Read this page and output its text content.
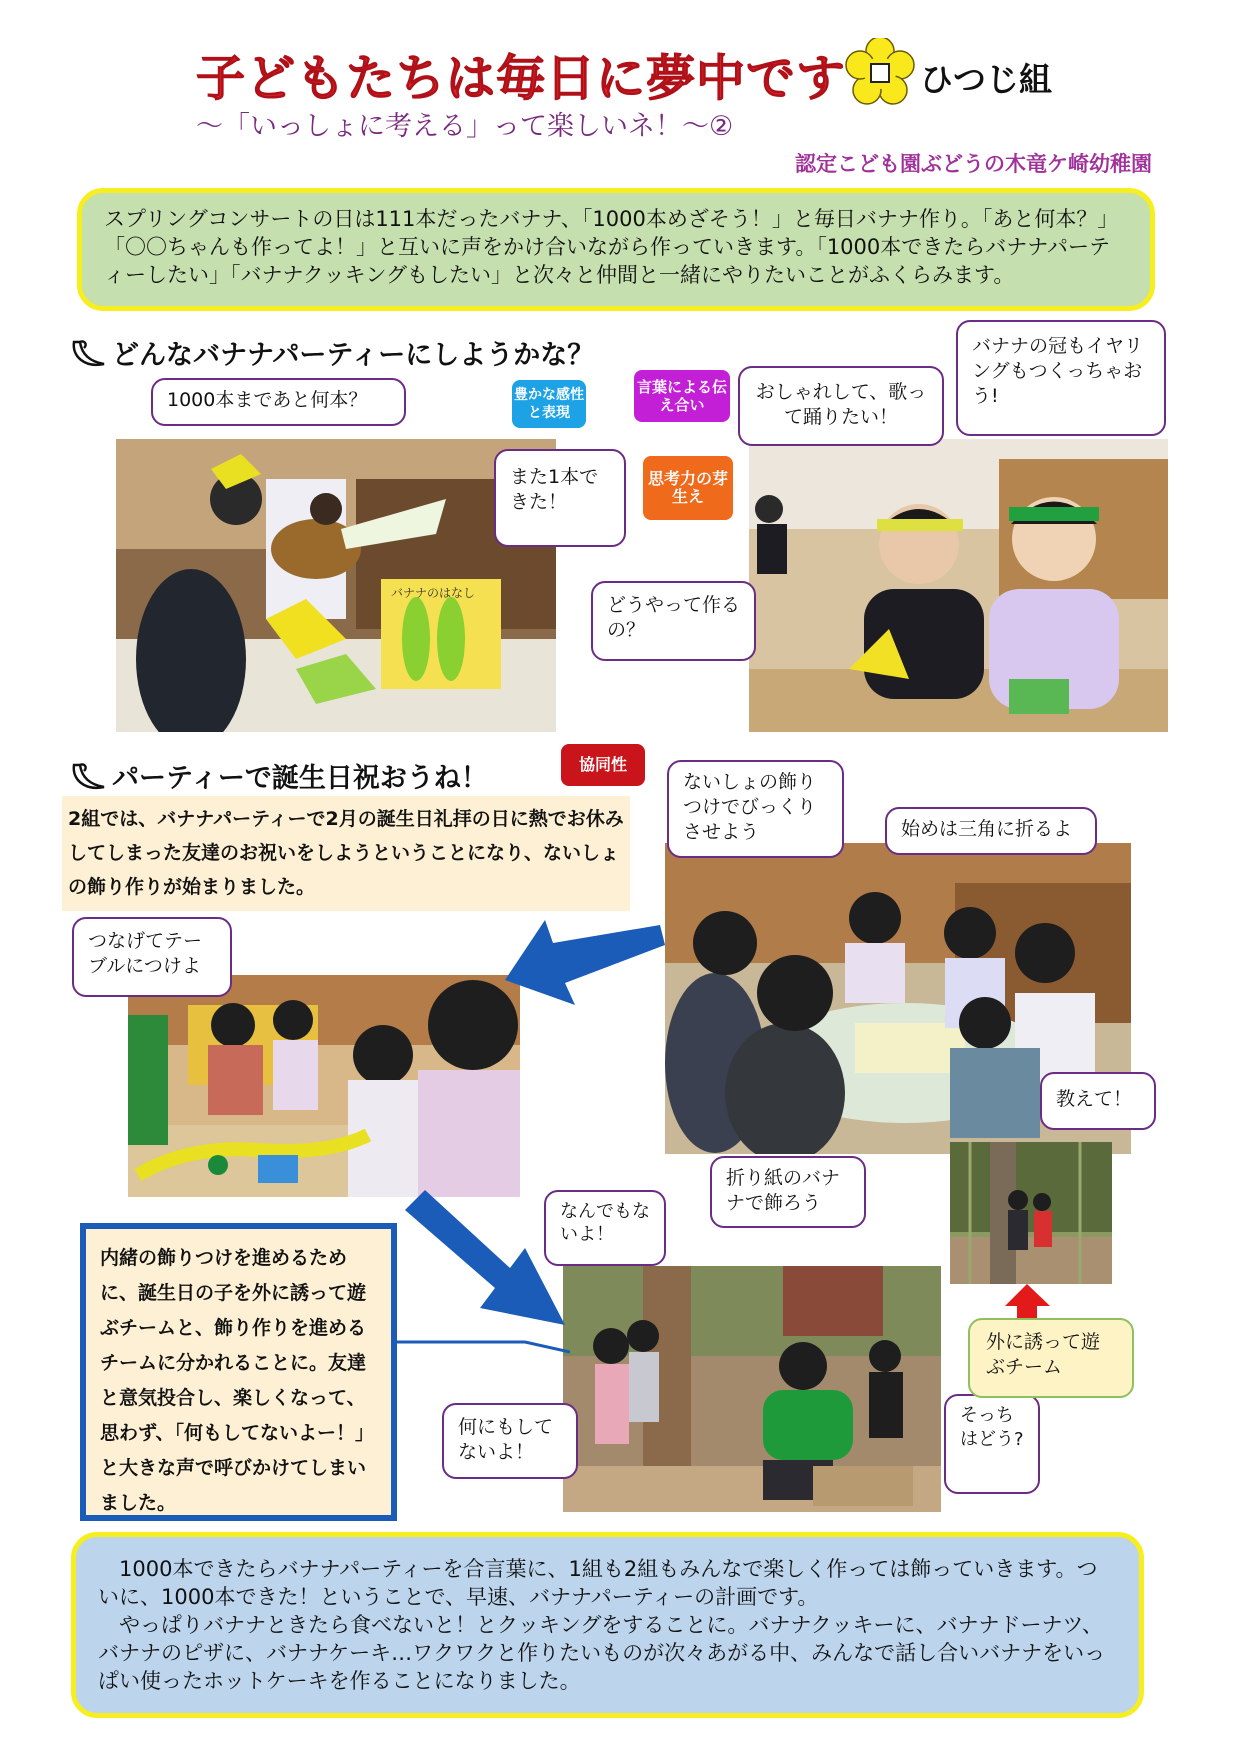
子どもたちは毎日に夢中です ひつじ組
～「いっしょに考える」って楽しいネ！～②
認定こども園ぶどうの木竜ケ崎幼稚園
スプリングコンサートの日は111本だったバナナ、「1000本めざそう！」と毎日バナナ作り。「あと何本？」「〇〇ちゃんも作ってよ！」と互いに声をかけ合いながら作っていきます。「1000本できたらバナナパーティーしたい」「バナナクッキングもしたい」と次々と仲間と一緒にやりたいことがふくらみます。
どんなバナナパーティーにしようかな？
豊かな感性と表現
言葉による伝え合い
思考力の芽生え
バナナのはなし
1000本まであと何本？
また1本できた！
おしゃれして、歌って踊りたい！
バナナの冠もイヤリングもつくっちゃおう!
どうやって作るの？
パーティーで誕生日祝おうね！	協同性
2組では、バナナパーティーで2月の誕生日礼拝の日に熱でお休みしてしまった友達のお祝いをしようということになり、ないしょの飾り作りが始まりました。
ないしょの飾りつけでびっくりさせよう	始めは三角に折るよ
つなげてテーブルにつけよ
教えて！
折り紙のバナナで飾ろう
なんでもないよ！
何にもしてないよ！
そっちはどう?
内緒の飾りつけを進めるために、誕生日の子を外に誘って遊ぶチームと、飾り作りを進めるチームに分かれることに。友達と意気投合し、楽しくなって、思わず、「何もしてないよー！」と大きな声で呼びかけてしまいました。
外に誘って遊ぶチーム

1000本できたらバナナパーティーを合言葉に、1組も2組もみんなで楽しく作っては飾っていきます。ついに、1000本できた！ということで、早速、バナナパーティーの計画です。

やっぱりバナナときたら食べないと！とクッキングをすることに。バナナクッキーに、バナナドーナツ、バナナのピザに、バナナケーキ…ワクワクと作りたいものが次々あがる中、みんなで話し合いバナナをいっぱい使ったホットケーキを作ることになりました。
